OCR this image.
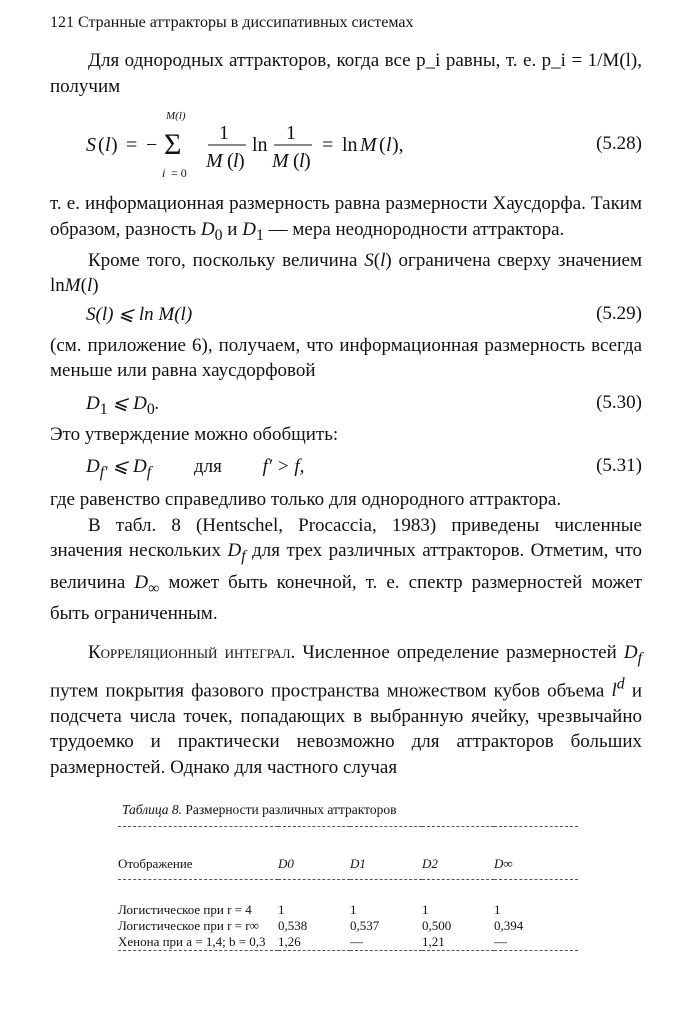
121 Странные аттракторы в диссипативных системах

Для однородных аттракторов, когда все p_i равны, т. е. p_i = 1/M(l), получим

S ( l ) = − Σ
M(l)
i = 0
1
M ( l )
ln
1
M ( l )
= ln M ( l ),	(5.28)

т. е. информационная размерность равна размерности Хаусдорфа. Таким образом, разность $D_0$ и $D_1$ — мера неоднородности аттрактора.

Кроме того, поскольку величина S(l) ограничена сверху значением lnM(l)

S(l) ⩽ ln M(l)	(5.29)

(см. приложение 6), получаем, что информационная размерность всегда меньше или равна хаусдорфовой

$D_1$ ⩽ $D_0$.	(5.30)

Это утверждение можно обобщить:

$D_{f'}$ ⩽ $D_f$ для f′ > f,	(5.31)

где равенство справедливо только для однородного аттрактора.

В табл. 8 (Hentschel, Procaccia, 1983) приведены численные значения нескольких $D_f$ для трех различных аттракторов. Отметим, что величина $D_\infty$ может быть конечной, т. е. спектр размерностей может быть ограниченным.

Корреляционный интеграл. Численное определение размерностей $D_f$ путем покрытия фазового пространства множеством кубов объема $l^d$ и подсчета числа точек, попадающих в выбранную ячейку, чрезвычайно трудоемко и практически невозможно для аттракторов больших размерностей. Однако для частного случая

Таблица 8. Размерности различных аттракторов

Отображение	D0	D1	D2	D∞

Логистическое при r = 4	1	1	1	1
Логистическое при r = r∞	0,538	0,537	0,500	0,394
Хенона при a = 1,4; b = 0,3	1,26	—	1,21	—
